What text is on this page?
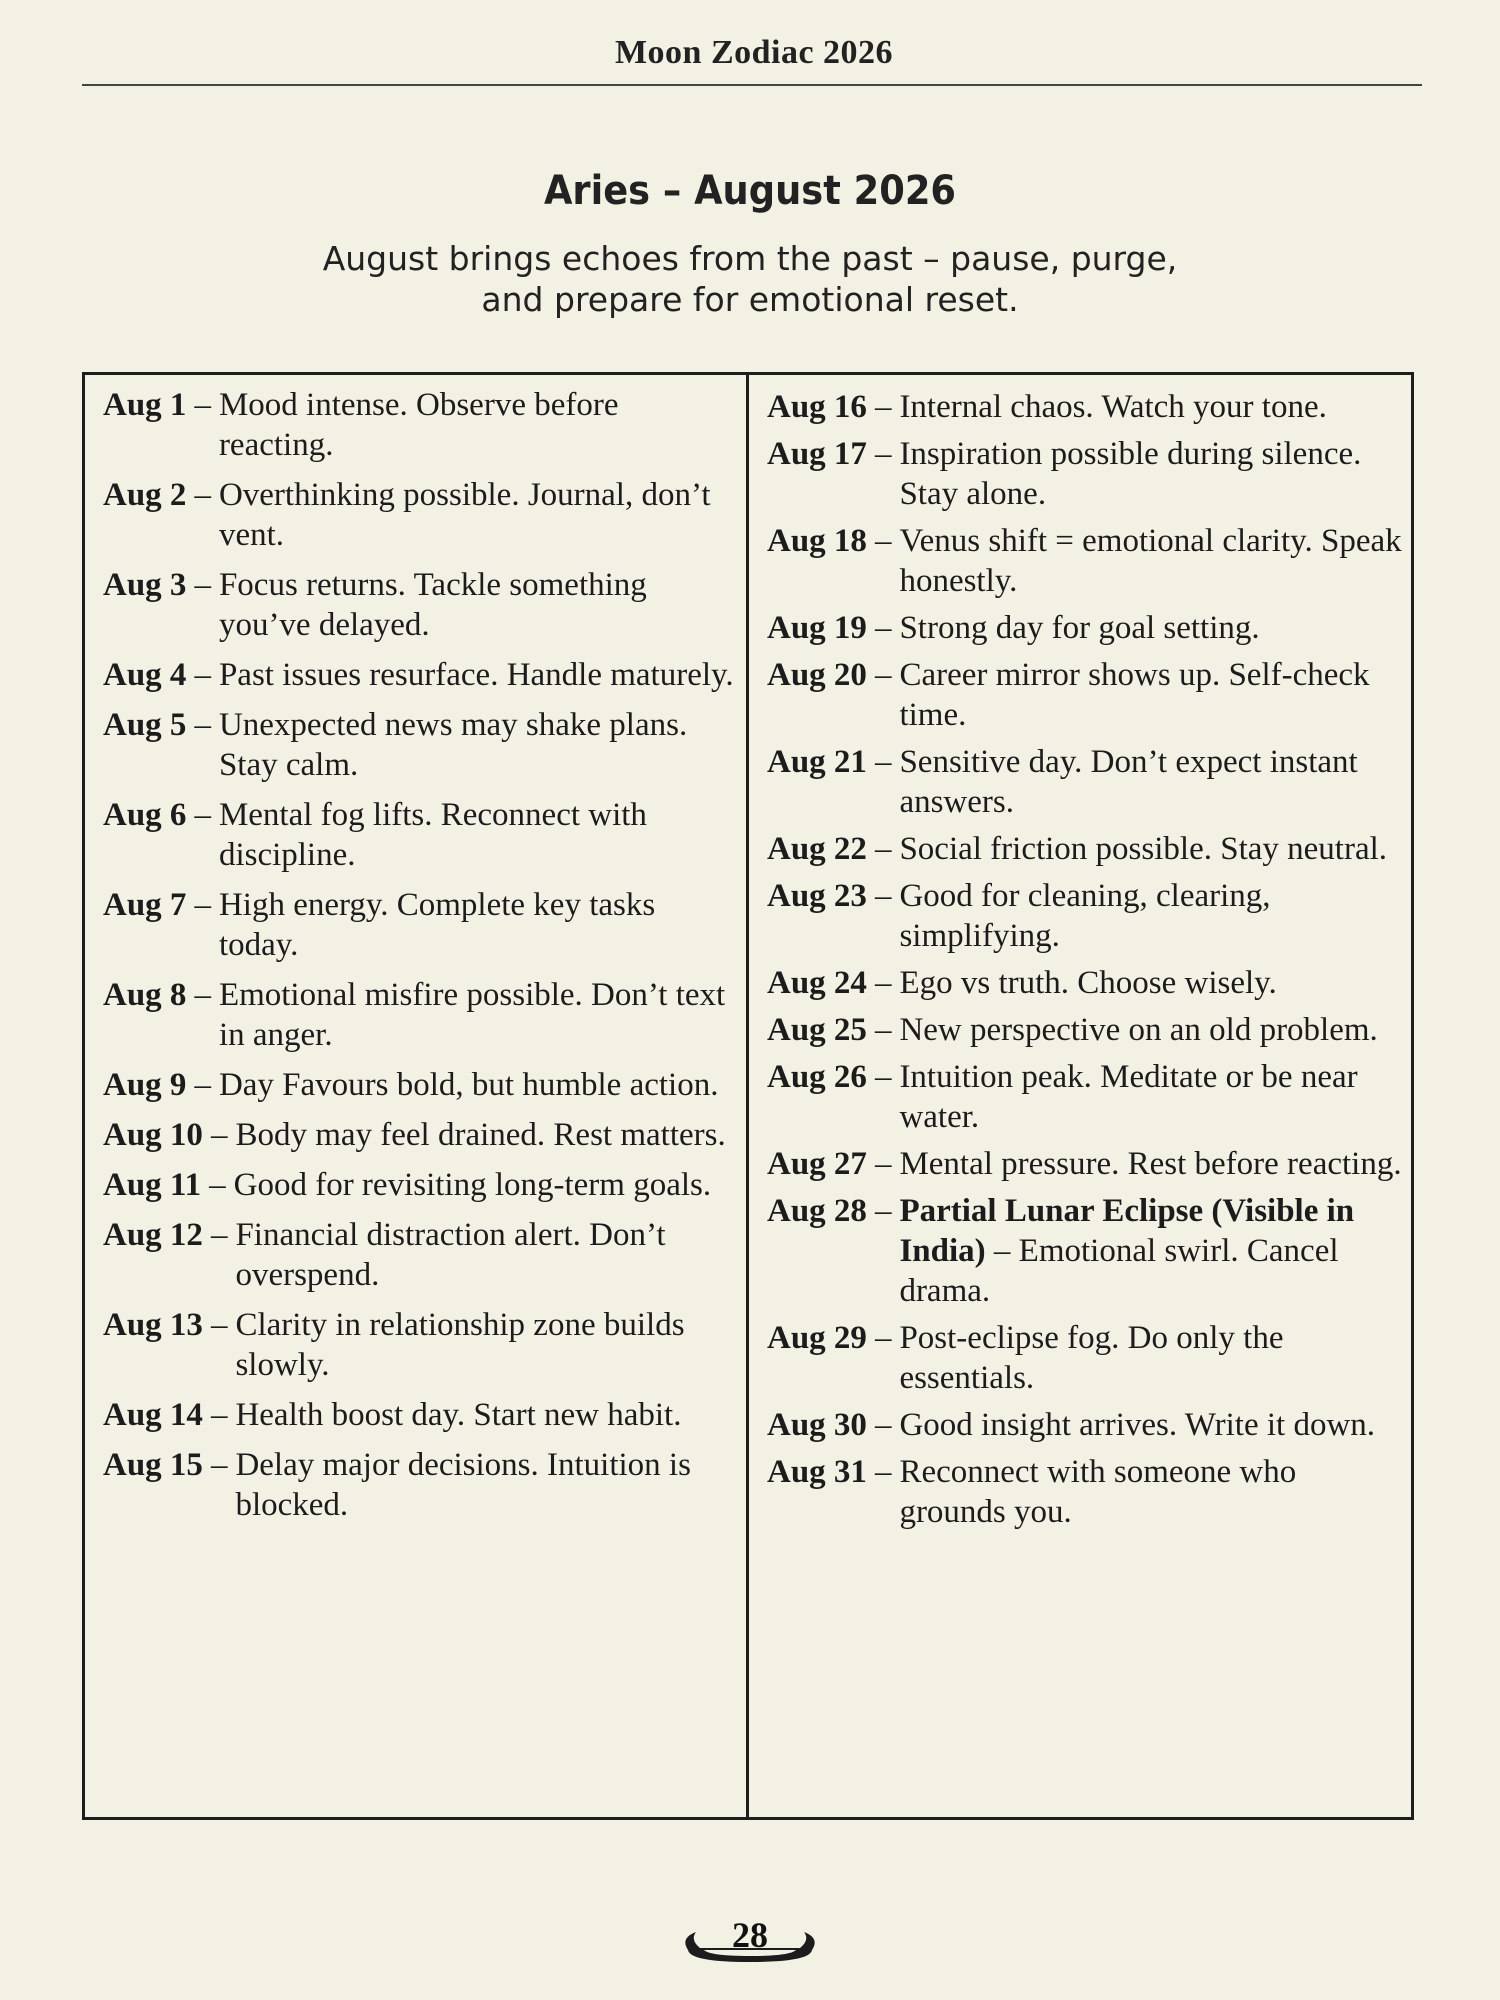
Moon Zodiac 2026
Aries – August 2026
August brings echoes from the past – pause, purge,
and prepare for emotional reset.
Aug 1 – Mood intense. Observe before reacting.
Aug 2 – Overthinking possible. Journal, don’t vent.
Aug 3 – Focus returns. Tackle something you’ve delayed.
Aug 4 – Past issues resurface. Handle maturely.
Aug 5 – Unexpected news may shake plans. Stay calm.
Aug 6 – Mental fog lifts. Reconnect with discipline.
Aug 7 – High energy. Complete key tasks today.
Aug 8 – Emotional misfire possible. Don’t text in anger.
Aug 9 – Day Favours bold, but humble action.
Aug 10 – Body may feel drained. Rest matters.
Aug 11 – Good for revisiting long-term goals.
Aug 12 – Financial distraction alert. Don’t overspend.
Aug 13 – Clarity in relationship zone builds slowly.
Aug 14 – Health boost day. Start new habit.
Aug 15 – Delay major decisions. Intuition is blocked.
Aug 16 – Internal chaos. Watch your tone.
Aug 17 – Inspiration possible during silence. Stay alone.
Aug 18 – Venus shift = emotional clarity. Speak honestly.
Aug 19 – Strong day for goal setting.
Aug 20 – Career mirror shows up. Self-check time.
Aug 21 – Sensitive day. Don’t expect instant answers.
Aug 22 – Social friction possible. Stay neutral.
Aug 23 – Good for cleaning, clearing, simplifying.
Aug 24 – Ego vs truth. Choose wisely.
Aug 25 – New perspective on an old problem.
Aug 26 – Intuition peak. Meditate or be near water.
Aug 27 – Mental pressure. Rest before reacting.
Aug 28 – Partial Lunar Eclipse (Visible in India) – Emotional swirl. Cancel drama.
Aug 29 – Post-eclipse fog. Do only the essentials.
Aug 30 – Good insight arrives. Write it down.
Aug 31 – Reconnect with someone who grounds you.
28
